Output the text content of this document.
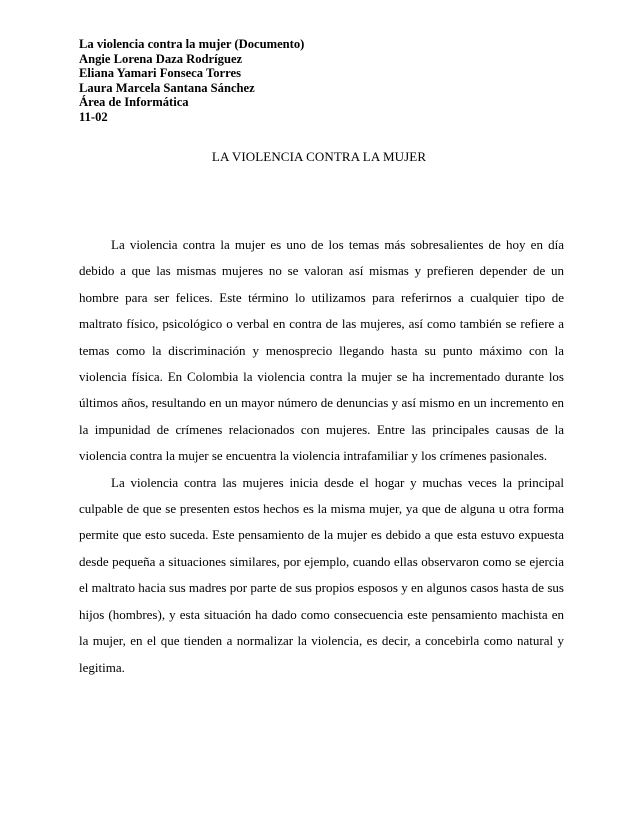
La violencia contra la mujer (Documento)
Angie Lorena Daza Rodríguez
Eliana Yamari Fonseca Torres
Laura Marcela Santana Sánchez
Área de Informática
11-02
LA VIOLENCIA CONTRA LA MUJER

La violencia contra la mujer es uno de los temas más sobresalientes de hoy en día debido a que las mismas mujeres no se valoran así mismas y prefieren depender de un hombre para ser felices. Este término lo utilizamos para referirnos a cualquier tipo de maltrato físico, psicológico o verbal en contra de las mujeres, así como también se refiere a temas como la discriminación y menosprecio llegando hasta su punto máximo con la violencia física. En Colombia la violencia contra la mujer se ha incrementado durante los últimos años, resultando en un mayor número de denuncias y así mismo en un incremento en la impunidad de crímenes relacionados con mujeres. Entre las principales causas de la violencia contra la mujer se encuentra la violencia intrafamiliar y los crímenes pasionales.

La violencia contra las mujeres inicia desde el hogar y muchas veces la principal culpable de que se presenten estos hechos es la misma mujer, ya que de alguna u otra forma permite que esto suceda. Este pensamiento de la mujer es debido a que esta estuvo expuesta desde pequeña a situaciones similares, por ejemplo, cuando ellas observaron como se ejercia el maltrato hacia sus madres por parte de sus propios esposos y en algunos casos hasta de sus hijos (hombres), y esta situación ha dado como consecuencia este pensamiento machista en la mujer, en el que tienden a normalizar la violencia, es decir, a concebirla como natural y legitima.
